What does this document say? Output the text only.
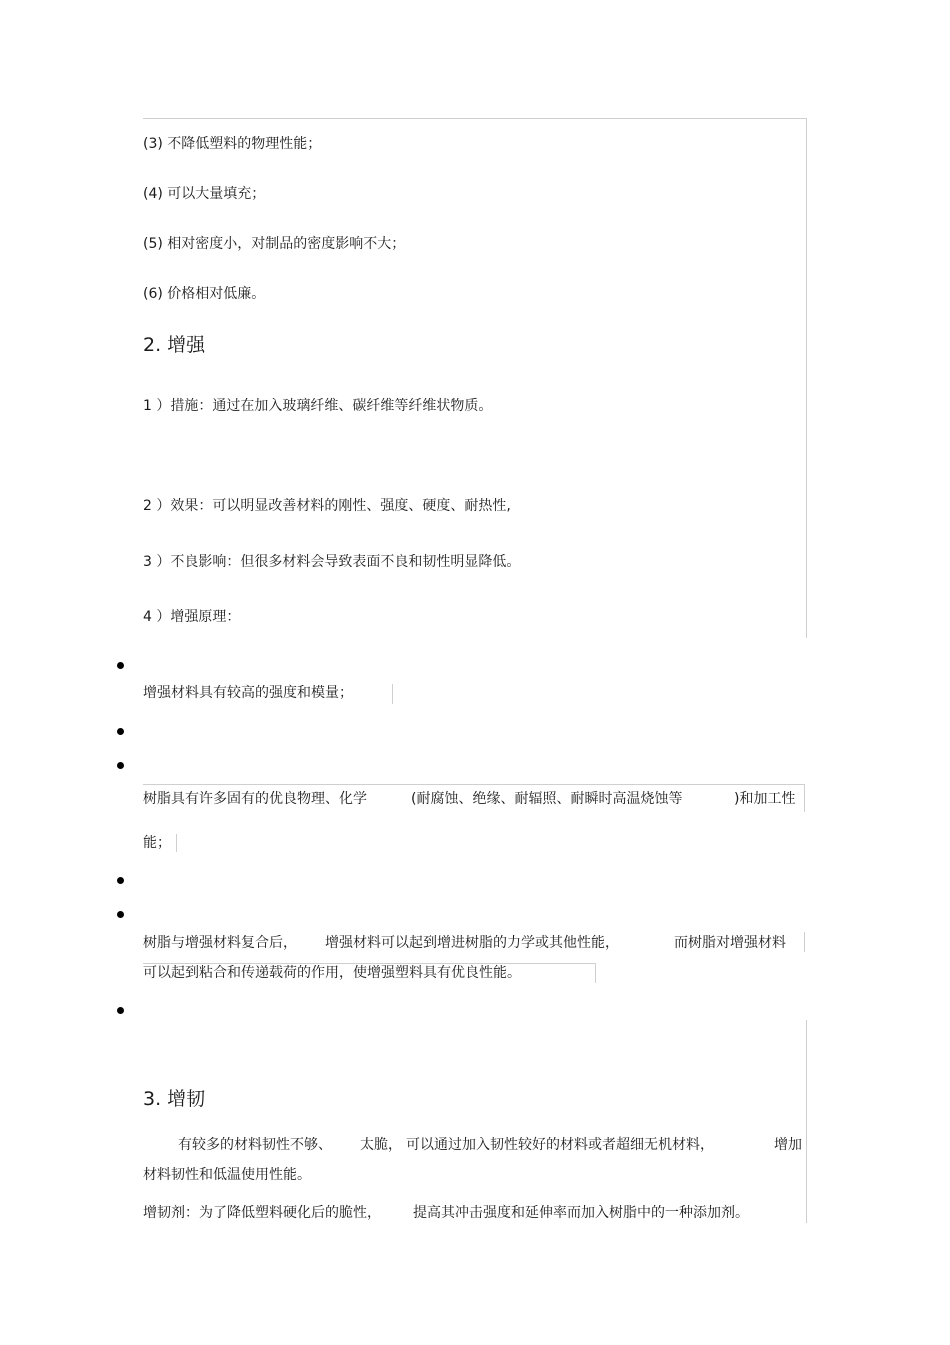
(3) 不降低塑料的物理性能；
(4) 可以大量填充；
(5) 相对密度小，对制品的密度影响不大；
(6) 价格相对低廉。
2. 增强
1 ）措施：通过在加入玻璃纤维、碳纤维等纤维状物质。
2 ）效果：可以明显改善材料的刚性、强度、硬度、耐热性,
3 ）不良影响：但很多材料会导致表面不良和韧性明显降低。
4 ）增强原理：
增强材料具有较高的强度和模量；
树脂具有许多固有的优良物理、化学	(耐腐蚀、绝缘、耐辐照、耐瞬时高温烧蚀等	)和加工性
能；
树脂与增强材料复合后， 增强材料可以起到增进树脂的力学或其他性能，	而树脂对增强材料
可以起到粘合和传递载荷的作用，使增强塑料具有优良性能。
3. 增韧
有较多的材料韧性不够、 太脆， 可以通过加入韧性较好的材料或者超细无机材料，	增加
材料韧性和低温使用性能。
增韧剂：为了降低塑料硬化后的脆性， 提高其冲击强度和延伸率而加入树脂中的一种添加剂。
